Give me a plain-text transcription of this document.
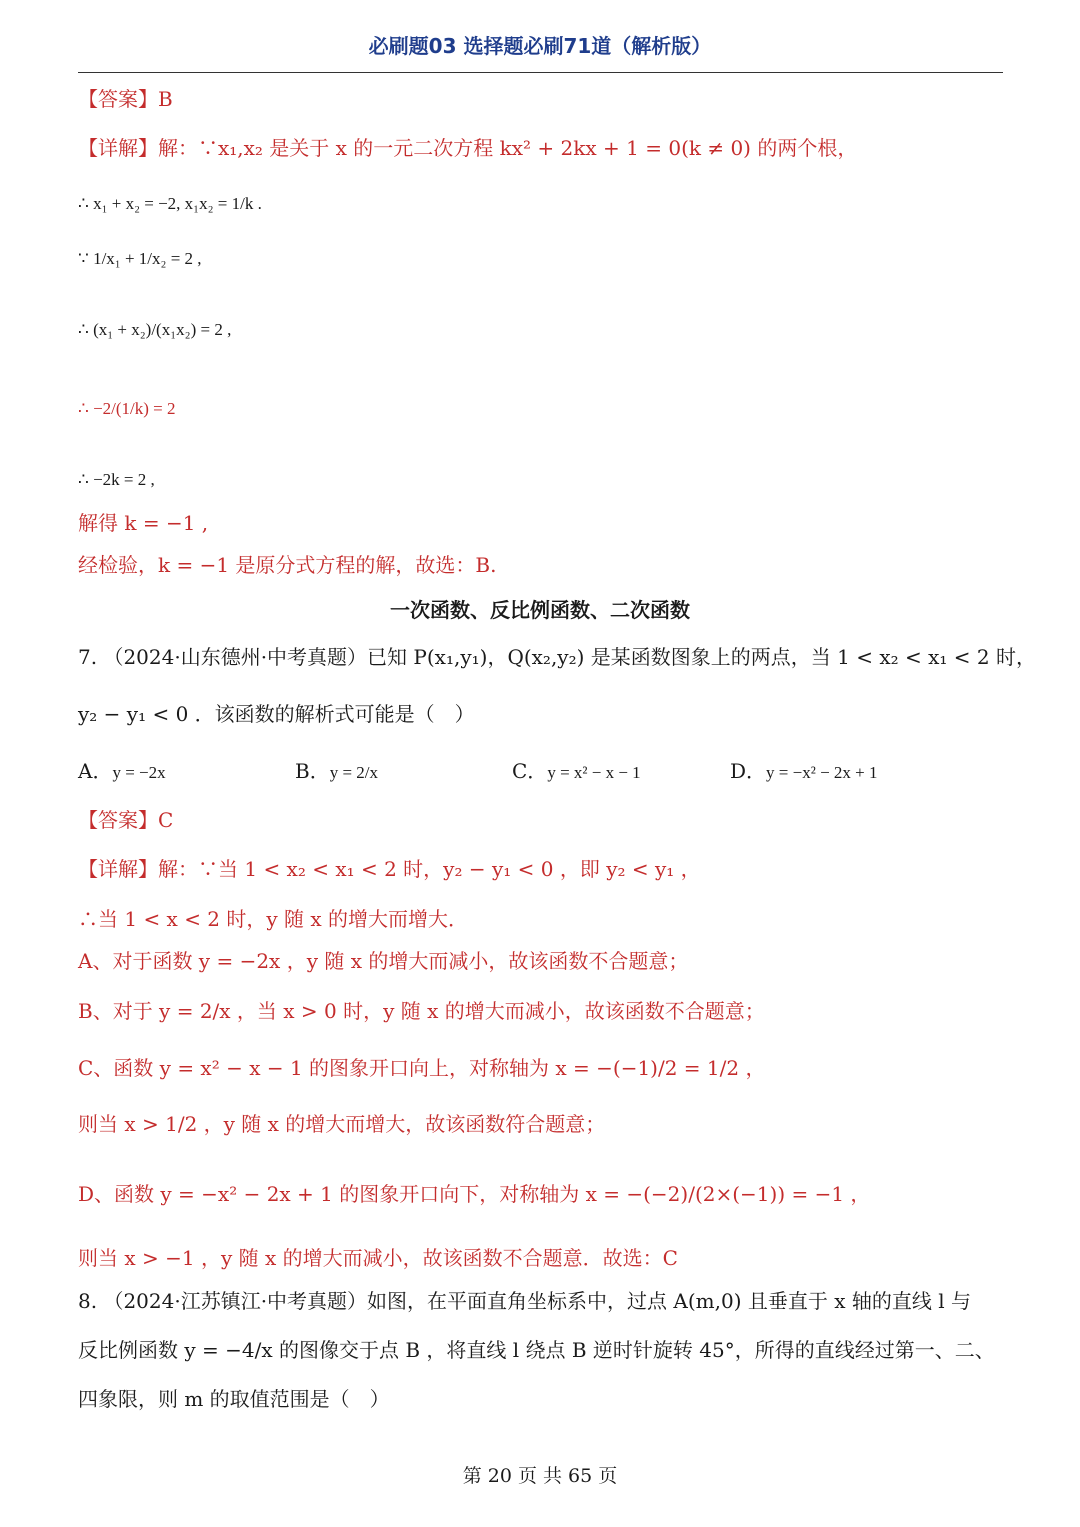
必刷题03 选择题必刷71道（解析版）
【答案】B
【详解】解：∵x₁,x₂ 是关于 x 的一元二次方程 kx² + 2kx + 1 = 0(k ≠ 0) 的两个根，
∴ x₁ + x₂ = −2, x₁x₂ = 1/k .
∵ 1/x₁ + 1/x₂ = 2 ,
∴ (x₁ + x₂)/(x₁x₂) = 2 ,
∴ −2/(1/k) = 2
∴ −2k = 2 ,
解得 k = −1 ,
经检验，k = −1 是原分式方程的解，故选：B.
一次函数、反比例函数、二次函数
7. （2024·山东德州·中考真题）已知 P(x₁,y₁)，Q(x₂,y₂) 是某函数图象上的两点，当 1 < x₂ < x₁ < 2 时，
y₂ − y₁ < 0 ．该函数的解析式可能是（　）
A．y = −2x	B．y = 2/x	C．y = x² − x − 1	D．y = −x² − 2x + 1
【答案】C
【详解】解：∵当 1 < x₂ < x₁ < 2 时，y₂ − y₁ < 0 ，即 y₂ < y₁ ，
∴当 1 < x < 2 时，y 随 x 的增大而增大．
A、对于函数 y = −2x ，y 随 x 的增大而减小，故该函数不合题意；
B、对于 y = 2/x ，当 x > 0 时，y 随 x 的增大而减小，故该函数不合题意；
C、函数 y = x² − x − 1 的图象开口向上，对称轴为 x = −(−1)/2 = 1/2 ，
则当 x > 1/2 ，y 随 x 的增大而增大，故该函数符合题意；
D、函数 y = −x² − 2x + 1 的图象开口向下，对称轴为 x = −(−2)/(2×(−1)) = −1 ，
则当 x > −1 ，y 随 x 的增大而减小，故该函数不合题意．故选：C
8. （2024·江苏镇江·中考真题）如图，在平面直角坐标系中，过点 A(m,0) 且垂直于 x 轴的直线 l 与
反比例函数 y = −4/x 的图像交于点 B ，将直线 l 绕点 B 逆时针旋转 45°，所得的直线经过第一、二、
四象限，则 m 的取值范围是（　）
第 20 页 共 65 页
